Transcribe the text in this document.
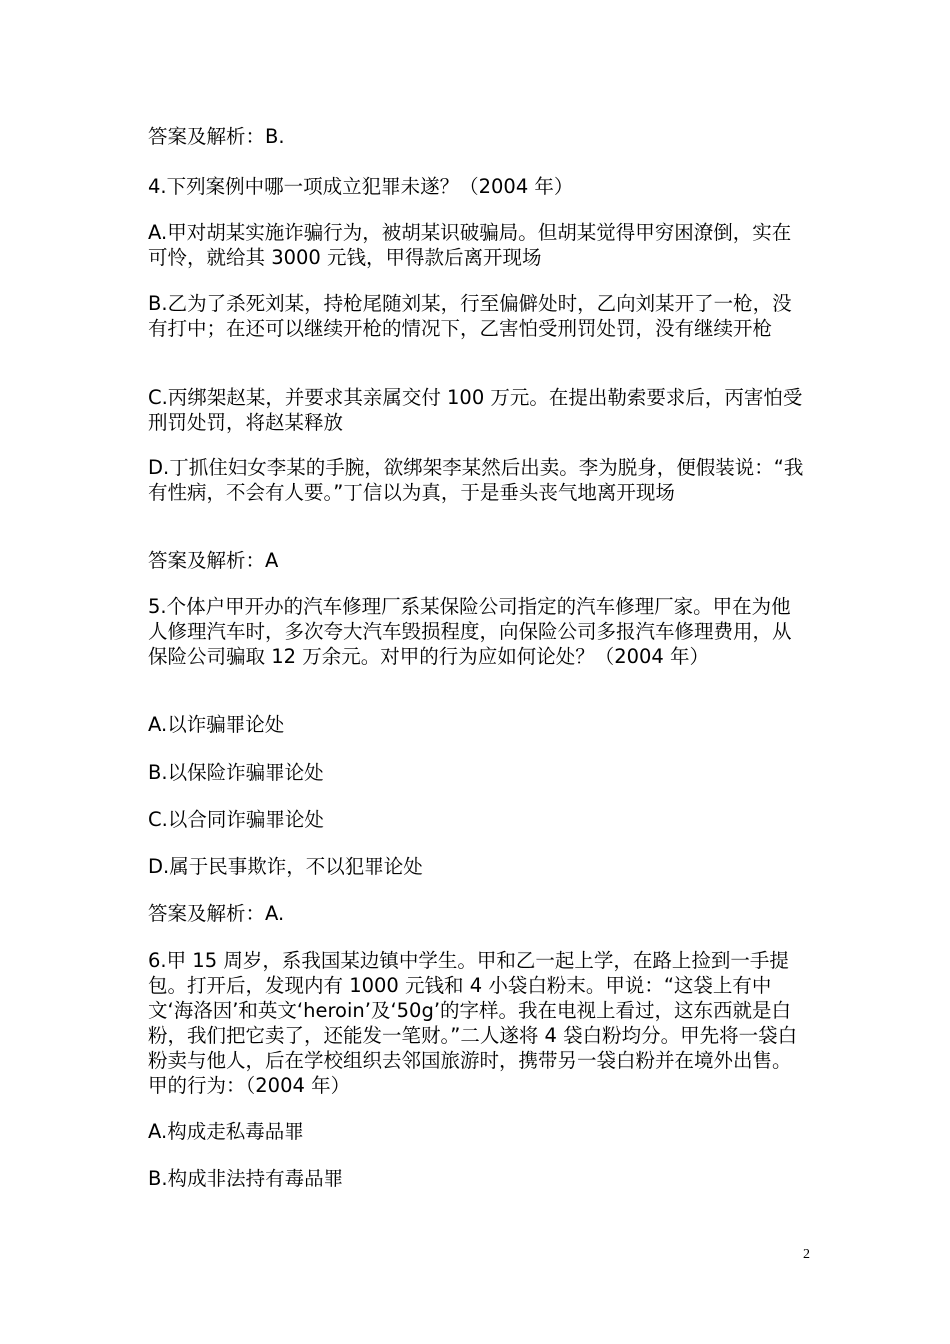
答案及解析：B.

4.下列案例中哪一项成立犯罪未遂？（2004 年）

A.甲对胡某实施诈骗行为，被胡某识破骗局。但胡某觉得甲穷困潦倒，实在可怜，就给其 3000 元钱，甲得款后离开现场

B.乙为了杀死刘某，持枪尾随刘某，行至偏僻处时，乙向刘某开了一枪，没有打中；在还可以继续开枪的情况下，乙害怕受刑罚处罚，没有继续开枪

C.丙绑架赵某，并要求其亲属交付 100 万元。在提出勒索要求后，丙害怕受刑罚处罚，将赵某释放

D.丁抓住妇女李某的手腕，欲绑架李某然后出卖。李为脱身，便假装说：“我有性病，不会有人要。”丁信以为真，于是垂头丧气地离开现场

答案及解析：A

5.个体户甲开办的汽车修理厂系某保险公司指定的汽车修理厂家。甲在为他人修理汽车时，多次夸大汽车毁损程度，向保险公司多报汽车修理费用，从保险公司骗取 12 万余元。对甲的行为应如何论处？（2004 年）

A.以诈骗罪论处

B.以保险诈骗罪论处

C.以合同诈骗罪论处

D.属于民事欺诈，不以犯罪论处

答案及解析：A.

6.甲 15 周岁，系我国某边镇中学生。甲和乙一起上学，在路上捡到一手提包。打开后，发现内有 1000 元钱和 4 小袋白粉末。甲说：“这袋上有中文‘海洛因’和英文‘heroin’及‘50g’的字样。我在电视上看过，这东西就是白粉，我们把它卖了，还能发一笔财。”二人遂将 4 袋白粉均分。甲先将一袋白粉卖与他人，后在学校组织去邻国旅游时，携带另一袋白粉并在境外出售。甲的行为：（2004 年）

A.构成走私毒品罪

B.构成非法持有毒品罪

2
